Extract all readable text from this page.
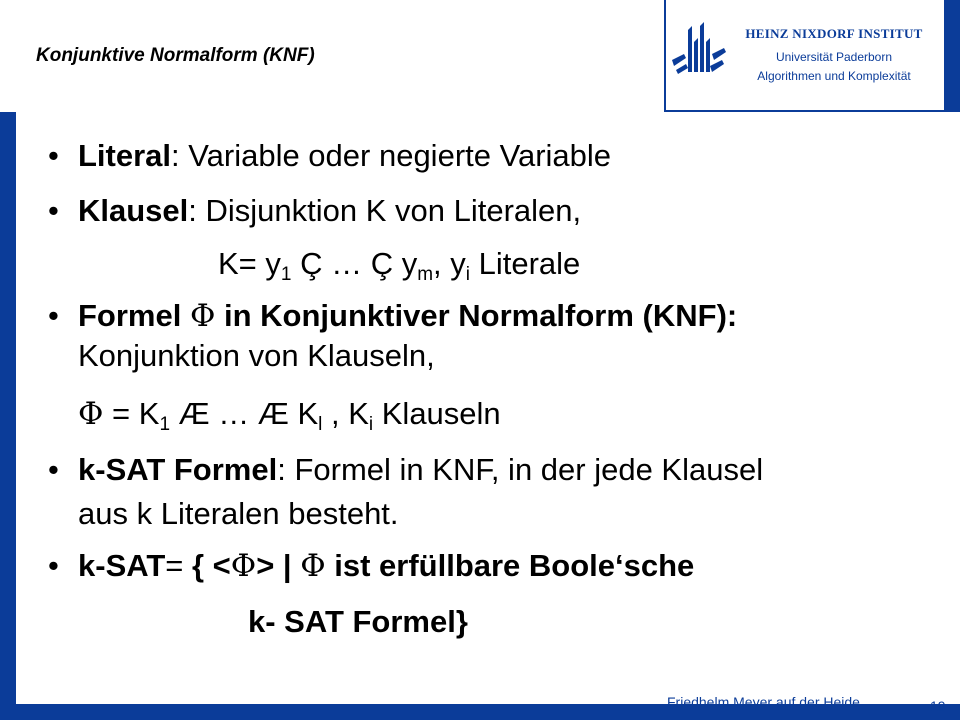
HEINZ NIXDORF INSTITUT
Universität Paderborn
Algorithmen und Komplexität
Konjunktive Normalform (KNF)
• Literal: Variable oder negierte Variable
• Klausel: Disjunktion K von Literalen,
$K= y_1$ Ç … Ç $y_m$, $y_i$ Literale
• Formel Φ in Konjunktiver Normalform (KNF):
Konjunktion von Klauseln,
$\Phi = K_1$ Æ … Æ $K_l$ , $K_i$ Klauseln
• k-SAT Formel: Formel in KNF, in der jede Klausel
aus k Literalen besteht.
• k-SAT= { <Φ> | Φ ist erfüllbare Boole‘sche
k- SAT Formel}
Friedhelm Meyer auf der Heide	19
